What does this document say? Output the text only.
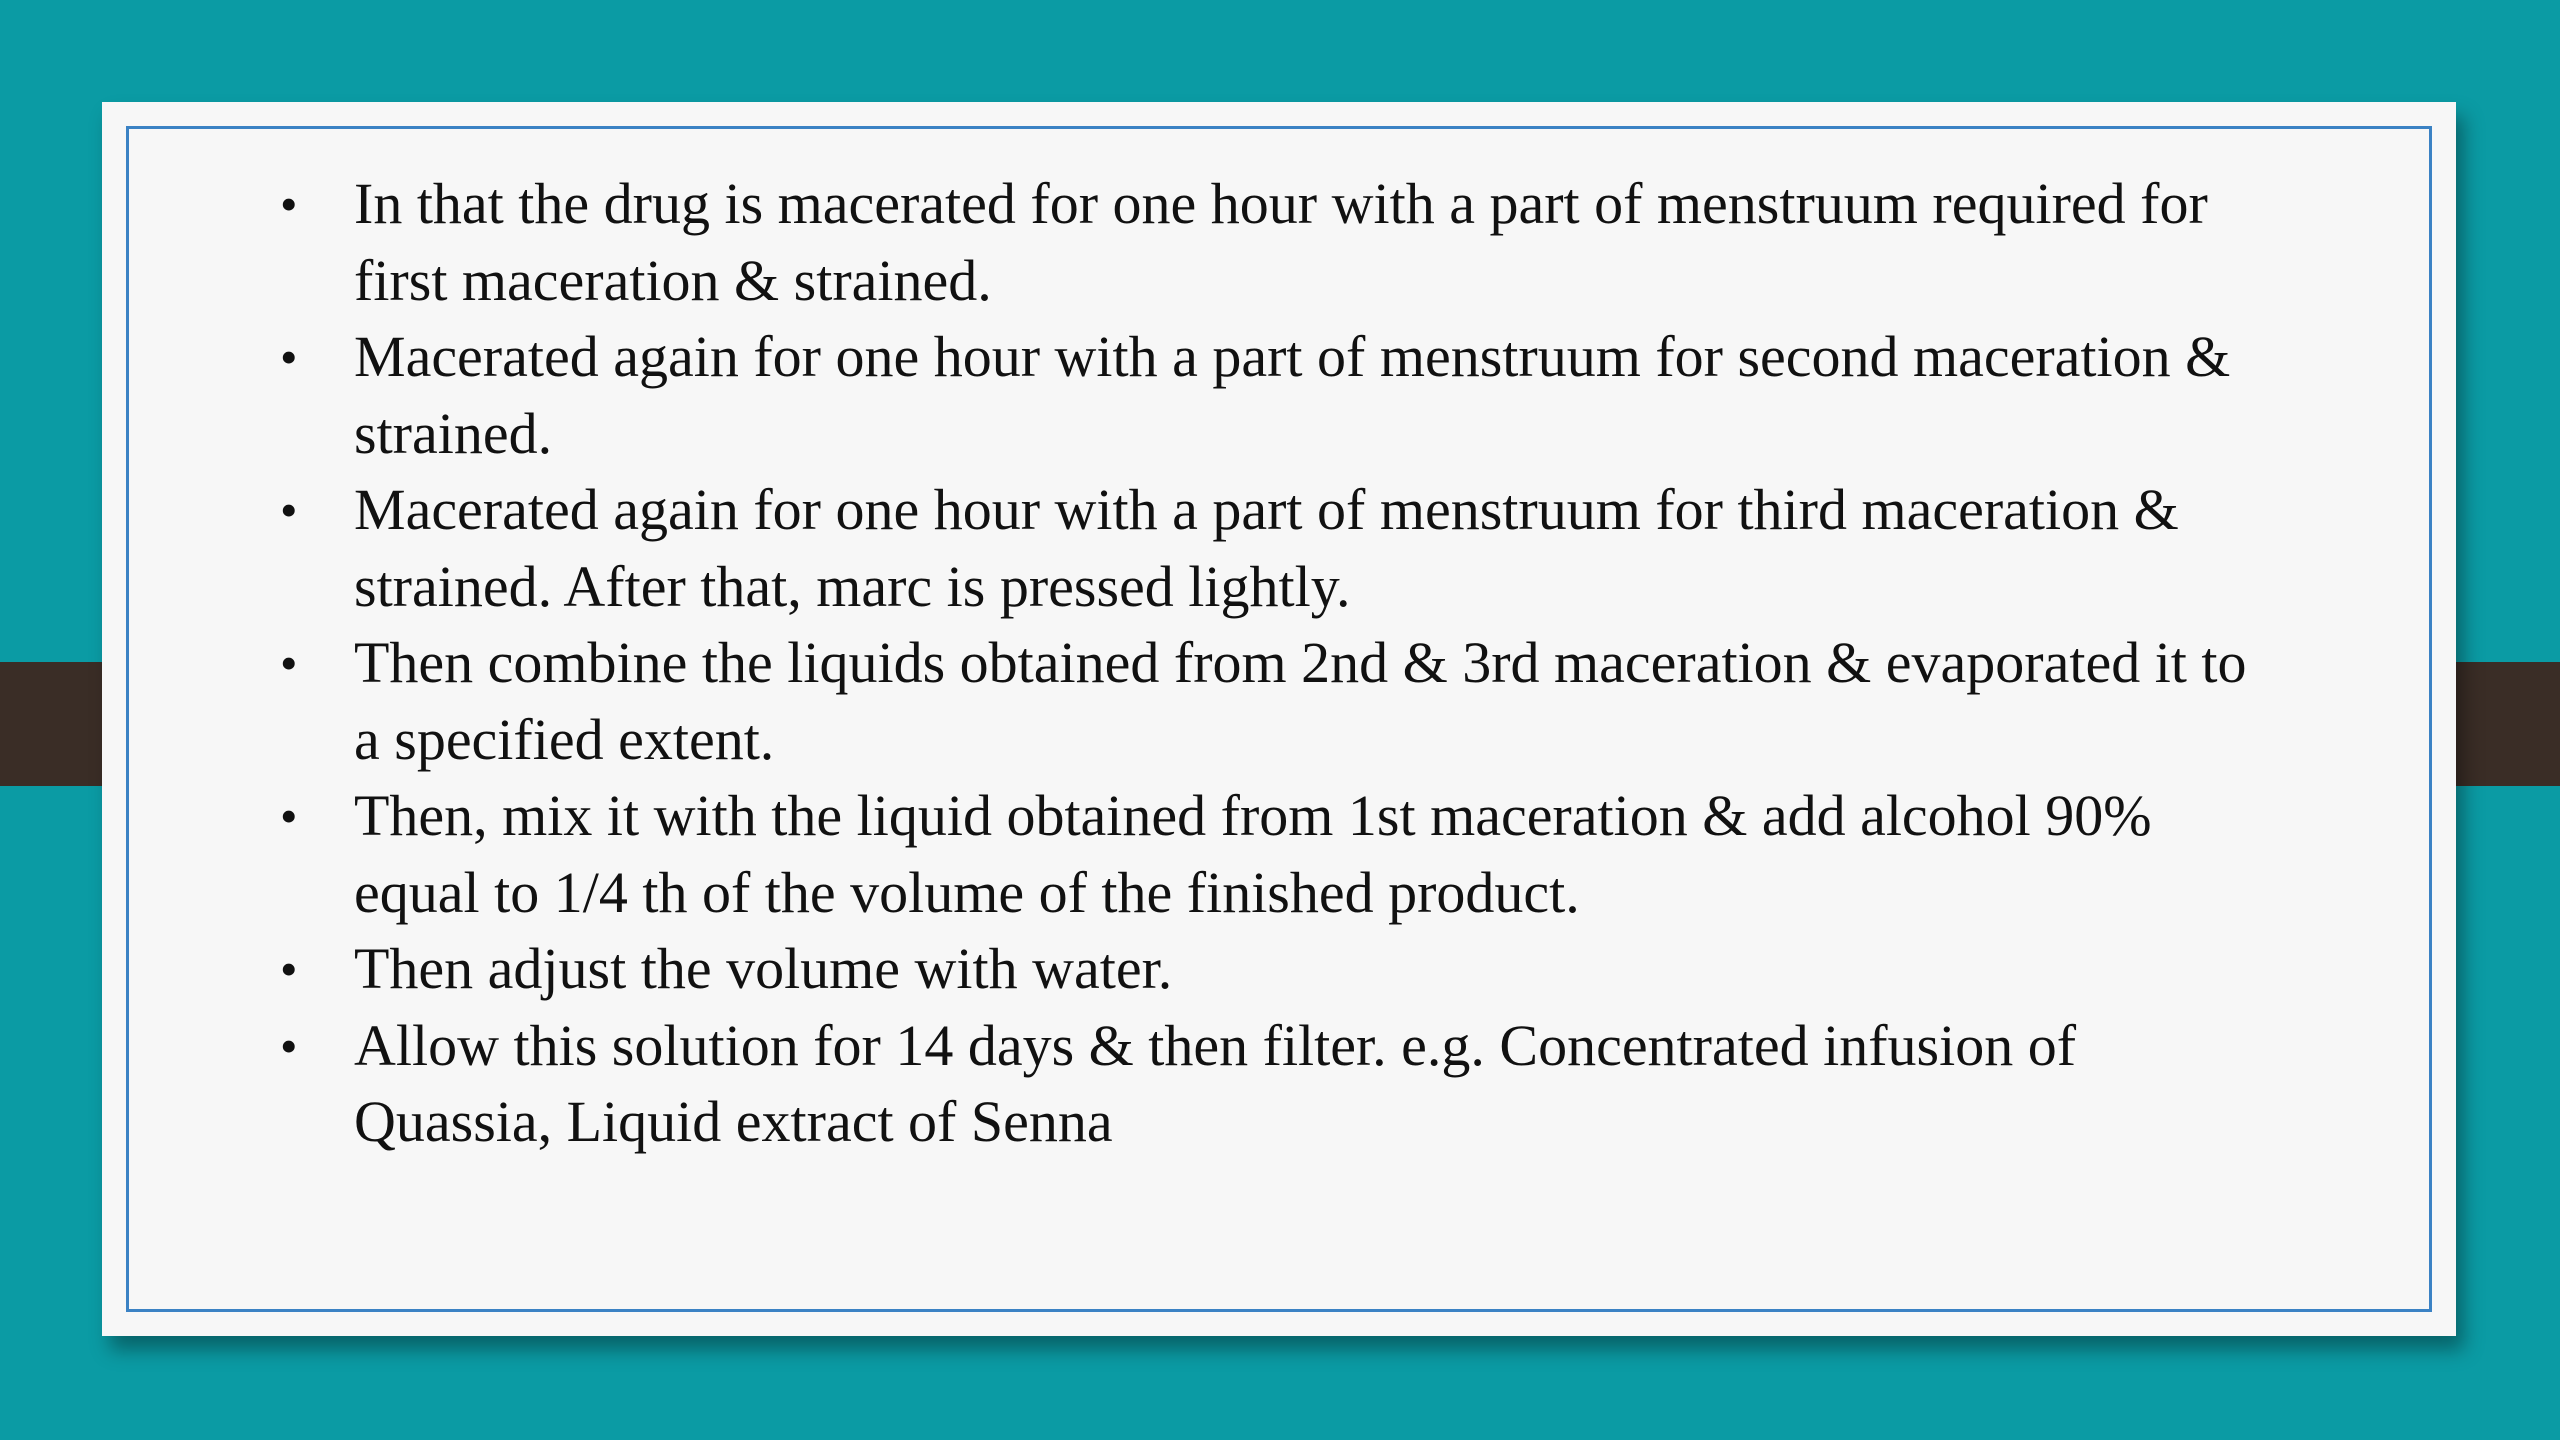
• In that the drug is macerated for one hour with a part of menstruum required for
first maceration & strained.
• Macerated again for one hour with a part of menstruum for second maceration &
strained.
• Macerated again for one hour with a part of menstruum for third maceration &
strained. After that, marc is pressed lightly.
• Then combine the liquids obtained from 2nd & 3rd maceration & evaporated it to
a specified extent.
• Then, mix it with the liquid obtained from 1st maceration & add alcohol 90%
equal to 1/4 th of the volume of the finished product.
• Then adjust the volume with water.
• Allow this solution for 14 days & then filter. e.g. Concentrated infusion of
Quassia, Liquid extract of Senna
